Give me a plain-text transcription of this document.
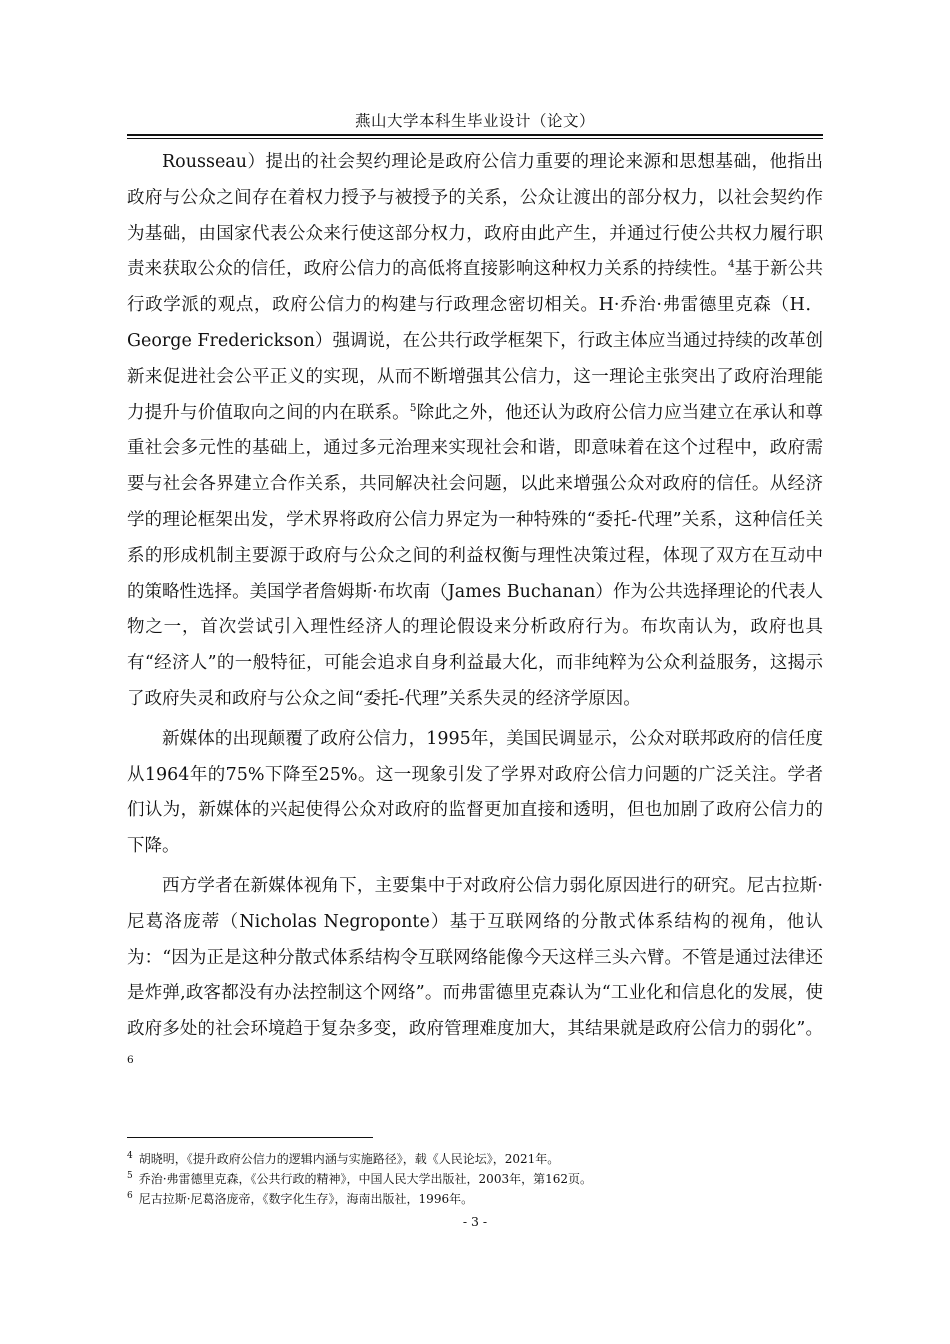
燕山大学本科生毕业设计（论文）

Rousseau）提出的社会契约理论是政府公信力重要的理论来源和思想基础，他指出政府与公众之间存在着权力授予与被授予的关系，公众让渡出的部分权力，以社会契约作为基础，由国家代表公众来行使这部分权力，政府由此产生，并通过行使公共权力履行职责来获取公众的信任，政府公信力的高低将直接影响这种权力关系的持续性。$^4$基于新公共行政学派的观点，政府公信力的构建与行政理念密切相关。H·乔治·弗雷德里克森（H．George Frederickson）强调说，在公共行政学框架下，行政主体应当通过持续的改革创新来促进社会公平正义的实现，从而不断增强其公信力，这一理论主张突出了政府治理能力提升与价值取向之间的内在联系。$^5$除此之外，他还认为政府公信力应当建立在承认和尊重社会多元性的基础上，通过多元治理来实现社会和谐，即意味着在这个过程中，政府需要与社会各界建立合作关系，共同解决社会问题，以此来增强公众对政府的信任。从经济学的理论框架出发，学术界将政府公信力界定为一种特殊的“委托-代理”关系，这种信任关系的形成机制主要源于政府与公众之间的利益权衡与理性决策过程，体现了双方在互动中的策略性选择。美国学者詹姆斯·布坎南（James Buchanan）作为公共选择理论的代表人物之一，首次尝试引入理性经济人的理论假设来分析政府行为。布坎南认为，政府也具有“经济人”的一般特征，可能会追求自身利益最大化，而非纯粹为公众利益服务，这揭示了政府失灵和政府与公众之间“委托-代理”关系失灵的经济学原因。

新媒体的出现颠覆了政府公信力，1995年，美国民调显示，公众对联邦政府的信任度从1964年的75%下降至25%。这一现象引发了学界对政府公信力问题的广泛关注。学者们认为，新媒体的兴起使得公众对政府的监督更加直接和透明，但也加剧了政府公信力的下降。

西方学者在新媒体视角下，主要集中于对政府公信力弱化原因进行的研究。尼古拉斯·尼葛洛庞蒂（Nicholas Negroponte）基于互联网络的分散式体系结构的视角，他认为：“因为正是这种分散式体系结构令互联网络能像今天这样三头六臂。不管是通过法律还是炸弹,政客都没有办法控制这个网络”。而弗雷德里克森认为“工业化和信息化的发展，使政府多处的社会环境趋于复杂多变，政府管理难度加大，其结果就是政府公信力的弱化”。$^6$

$^4$ 胡晓明，《提升政府公信力的逻辑内涵与实施路径》，载《人民论坛》，2021年。
$^5$ 乔治·弗雷德里克森，《公共行政的精神》，中国人民大学出版社，2003年，第162页。
$^6$ 尼古拉斯·尼葛洛庞帝，《数字化生存》，海南出版社，1996年。
- 3 -
